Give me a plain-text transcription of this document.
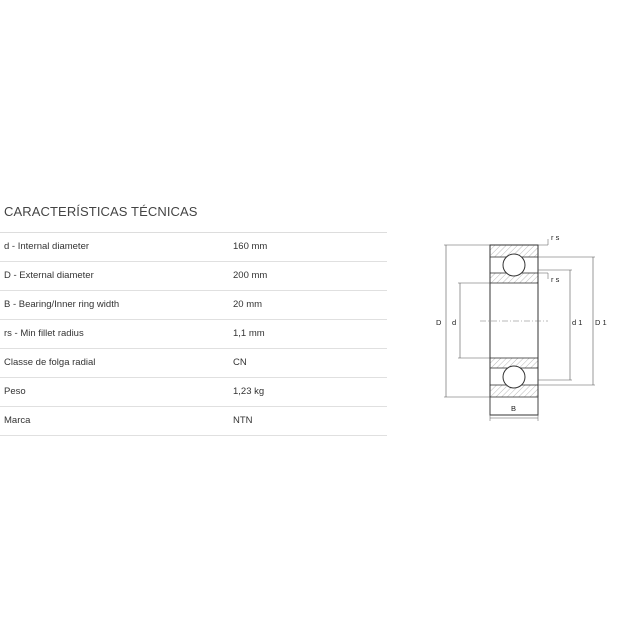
CARACTERÍSTICAS TÉCNICAS
d - Internal diameter	160 mm
D - External diameter	200 mm
B - Bearing/Inner ring width	20 mm
rs - Min fillet radius	1,1 mm
Classe de folga radial	CN
Peso	1,23 kg
Marca	NTN
D d	d 1 D 1
B
r s
r s
